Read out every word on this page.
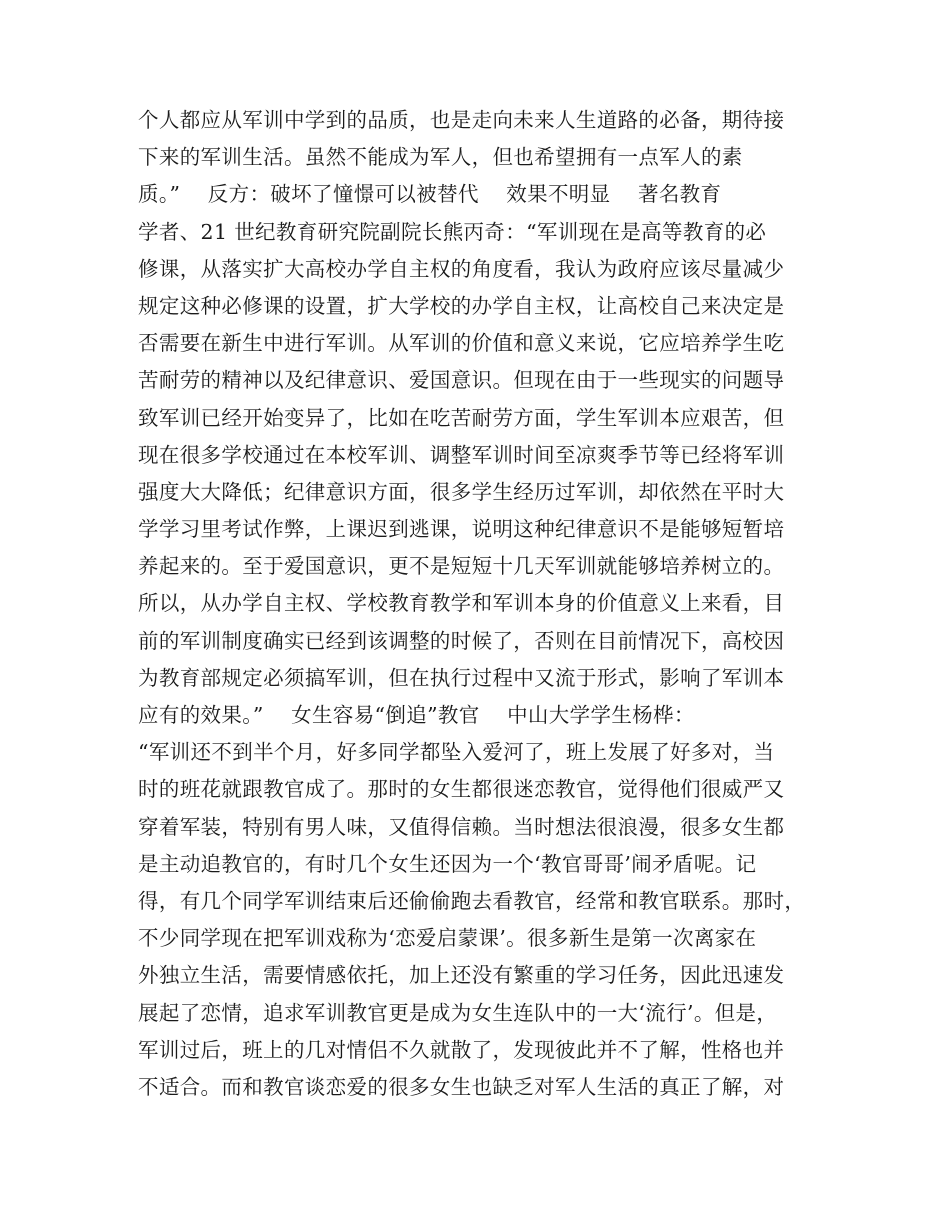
个人都应从军训中学到的品质，也是走向未来人生道路的必备，期待接
下来的军训生活。虽然不能成为军人，但也希望拥有一点军人的素
质。”    反方：破坏了憧憬可以被替代    效果不明显    著名教育
学者、21 世纪教育研究院副院长熊丙奇：“军训现在是高等教育的必
修课，从落实扩大高校办学自主权的角度看，我认为政府应该尽量减少
规定这种必修课的设置，扩大学校的办学自主权，让高校自己来决定是
否需要在新生中进行军训。从军训的价值和意义来说，它应培养学生吃
苦耐劳的精神以及纪律意识、爱国意识。但现在由于一些现实的问题导
致军训已经开始变异了，比如在吃苦耐劳方面，学生军训本应艰苦，但
现在很多学校通过在本校军训、调整军训时间至凉爽季节等已经将军训
强度大大降低；纪律意识方面，很多学生经历过军训，却依然在平时大
学学习里考试作弊，上课迟到逃课，说明这种纪律意识不是能够短暂培
养起来的。至于爱国意识，更不是短短十几天军训就能够培养树立的。
所以，从办学自主权、学校教育教学和军训本身的价值意义上来看，目
前的军训制度确实已经到该调整的时候了，否则在目前情况下，高校因
为教育部规定必须搞军训，但在执行过程中又流于形式，影响了军训本
应有的效果。”    女生容易“倒追”教官    中山大学学生杨桦：
“军训还不到半个月，好多同学都坠入爱河了，班上发展了好多对，当
时的班花就跟教官成了。那时的女生都很迷恋教官，觉得他们很威严又
穿着军装，特别有男人味，又值得信赖。当时想法很浪漫，很多女生都
是主动追教官的，有时几个女生还因为一个‘教官哥哥’闹矛盾呢。记
得，有几个同学军训结束后还偷偷跑去看教官，经常和教官联系。那时，
不少同学现在把军训戏称为‘恋爱启蒙课’。很多新生是第一次离家在
外独立生活，需要情感依托，加上还没有繁重的学习任务，因此迅速发
展起了恋情，追求军训教官更是成为女生连队中的一大‘流行’。但是，
军训过后，班上的几对情侣不久就散了，发现彼此并不了解，性格也并
不适合。而和教官谈恋爱的很多女生也缺乏对军人生活的真正了解，对
